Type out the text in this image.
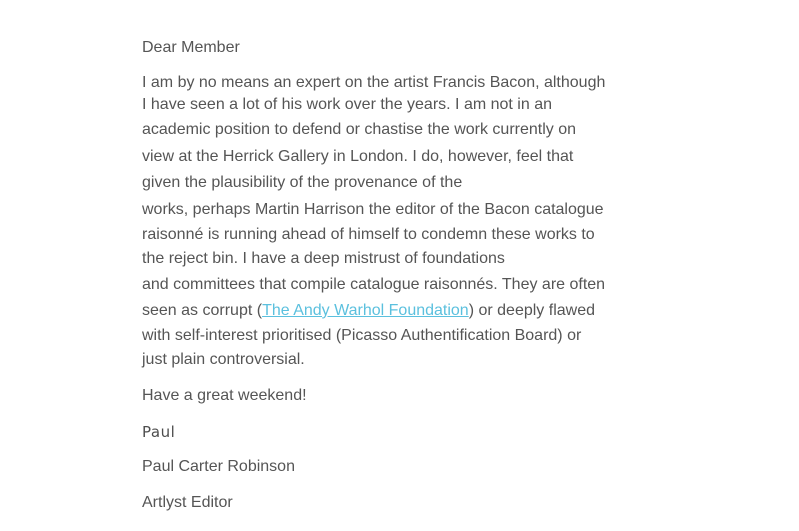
Dear Member
I am by no means an expert on the artist Francis Bacon, although
I have seen a lot of his work over the years. I am not in an
academic position to defend or chastise the work currently on
view at the Herrick Gallery in London. I do, however, feel that
given the plausibility of the provenance of the
works, perhaps Martin Harrison the editor of the Bacon catalogue
raisonné is running ahead of himself to condemn these works to
the reject bin. I have a deep mistrust of foundations
and committees that compile catalogue raisonnés. They are often
seen as corrupt (The Andy Warhol Foundation) or deeply flawed
with self-interest prioritised (Picasso Authentification Board) or
just plain controversial.
Have a great weekend!
Paul
Paul Carter Robinson
Artlyst Editor
